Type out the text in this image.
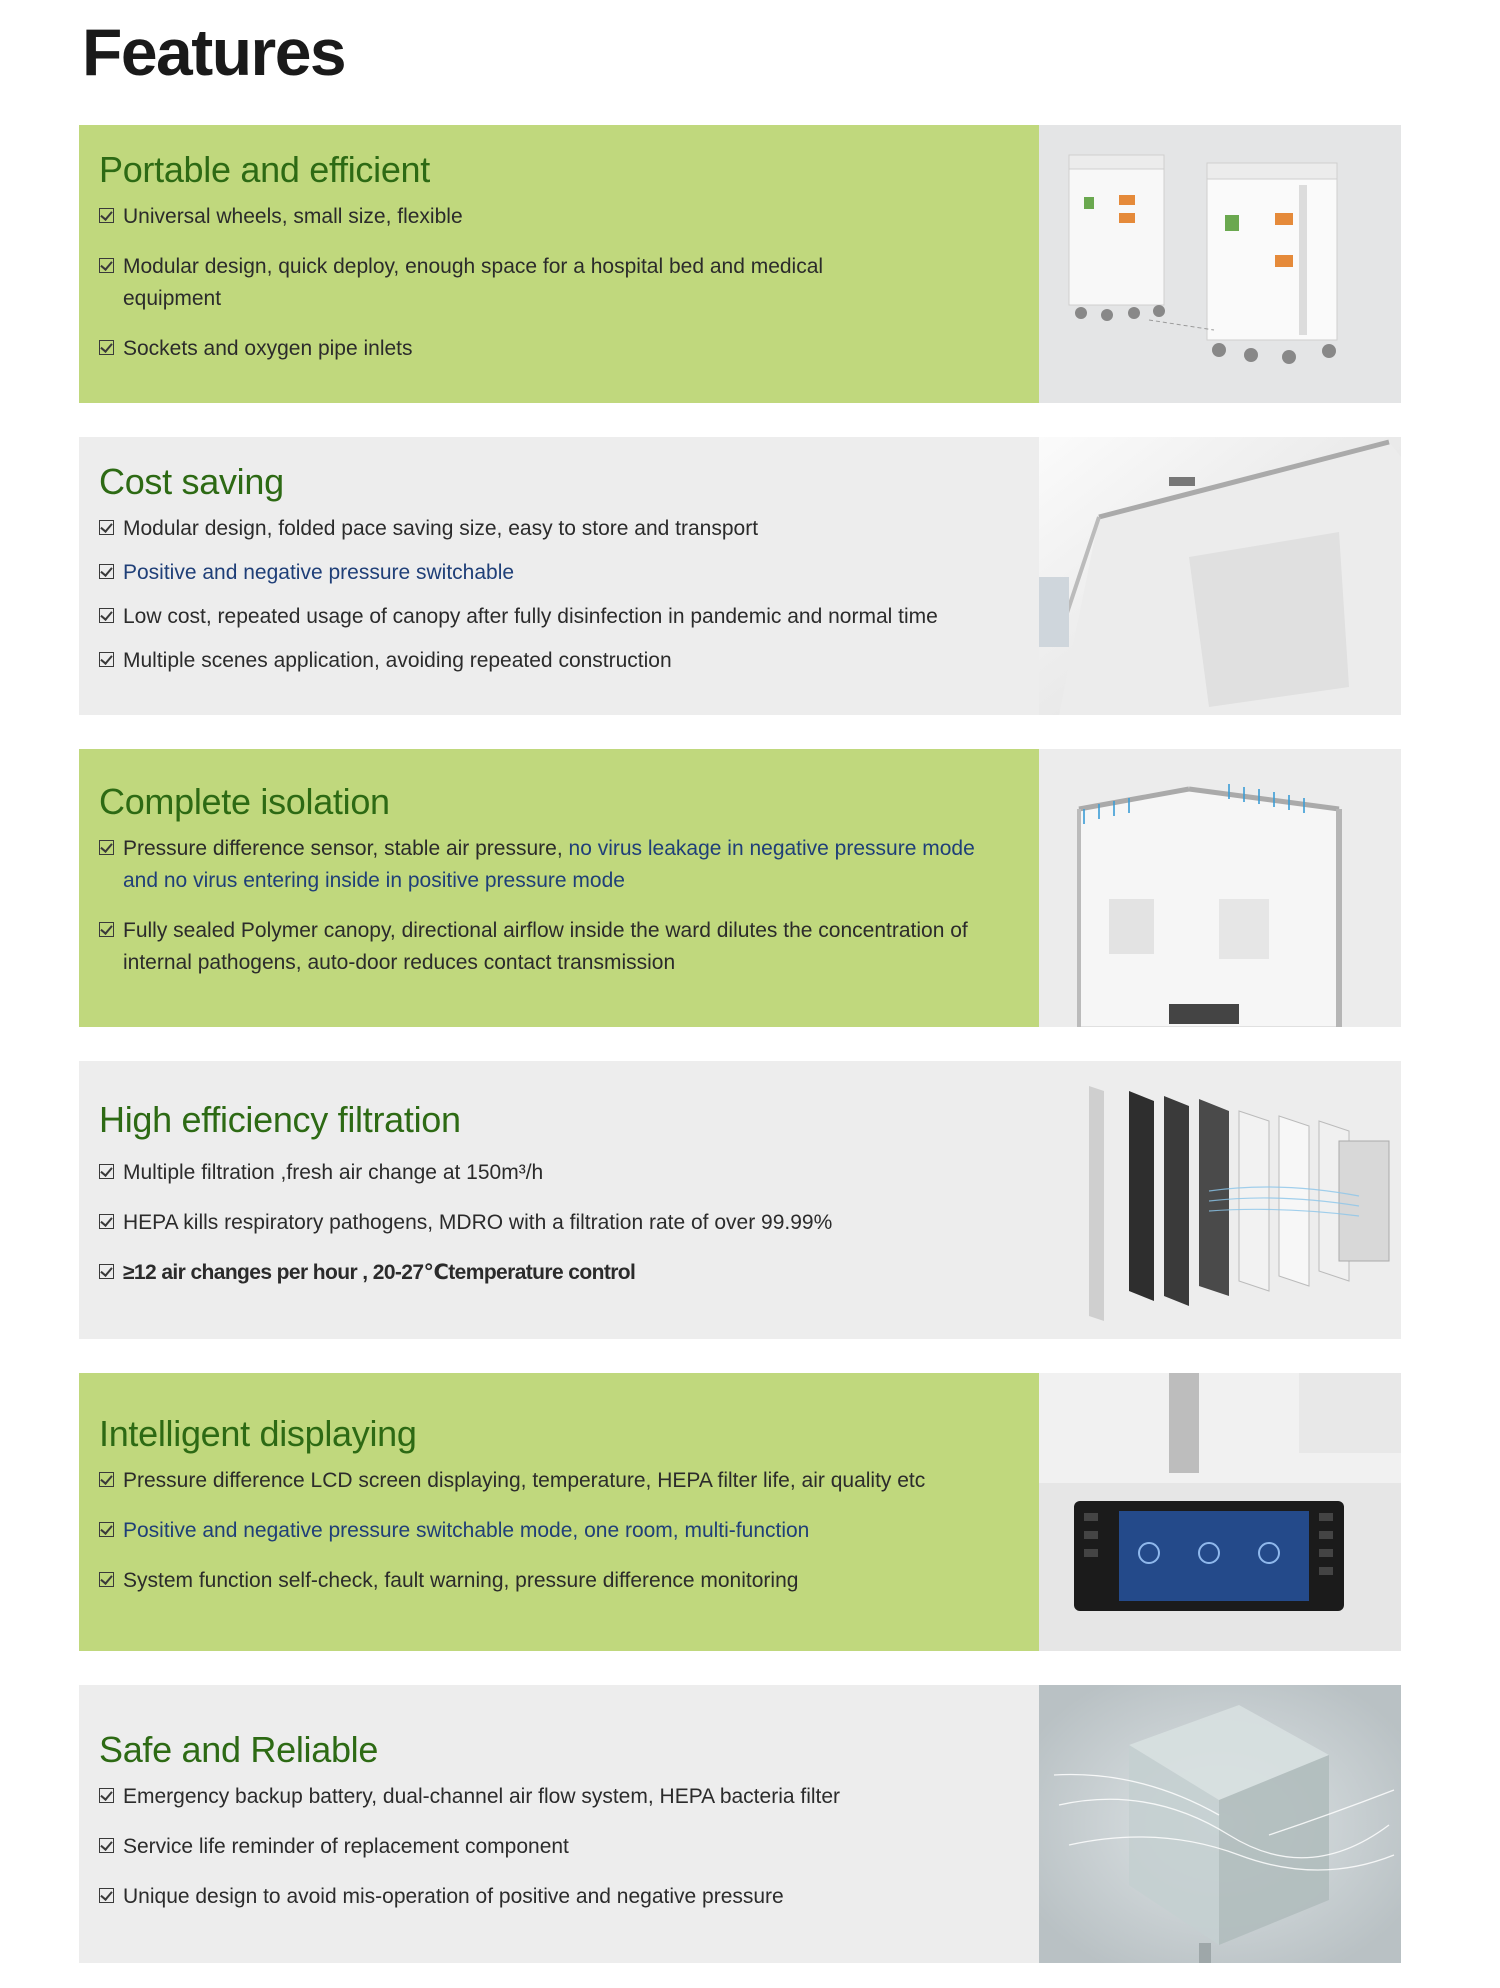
Features
Portable and efficient
Universal wheels, small size, flexible
Modular design, quick deploy, enough space for a hospital bed and medical equipment
Sockets and oxygen pipe inlets
Cost saving
Modular design, folded pace saving size, easy to store and transport
Positive and negative pressure switchable
Low cost, repeated usage of canopy after fully disinfection in pandemic and normal time
Multiple scenes application, avoiding repeated construction
Complete isolation
Pressure difference sensor, stable air pressure, no virus leakage in negative pressure mode and no virus entering inside in positive pressure mode
Fully sealed Polymer canopy, directional airflow inside the ward dilutes the concentration of internal pathogens, auto-door reduces contact transmission
High efficiency filtration
Multiple filtration ,fresh air change at 150m³/h
HEPA kills respiratory pathogens, MDRO with a filtration rate of over 99.99%
≥12 air changes per hour , 20-27℃temperature control
Intelligent displaying
Pressure difference LCD screen displaying, temperature, HEPA filter life, air quality etc
Positive and negative pressure switchable mode, one room, multi-function
System function self-check, fault warning, pressure difference monitoring
Safe and Reliable
Emergency backup battery, dual-channel air flow system, HEPA bacteria filter
Service life reminder of replacement component
Unique design to avoid mis-operation of positive and negative pressure
